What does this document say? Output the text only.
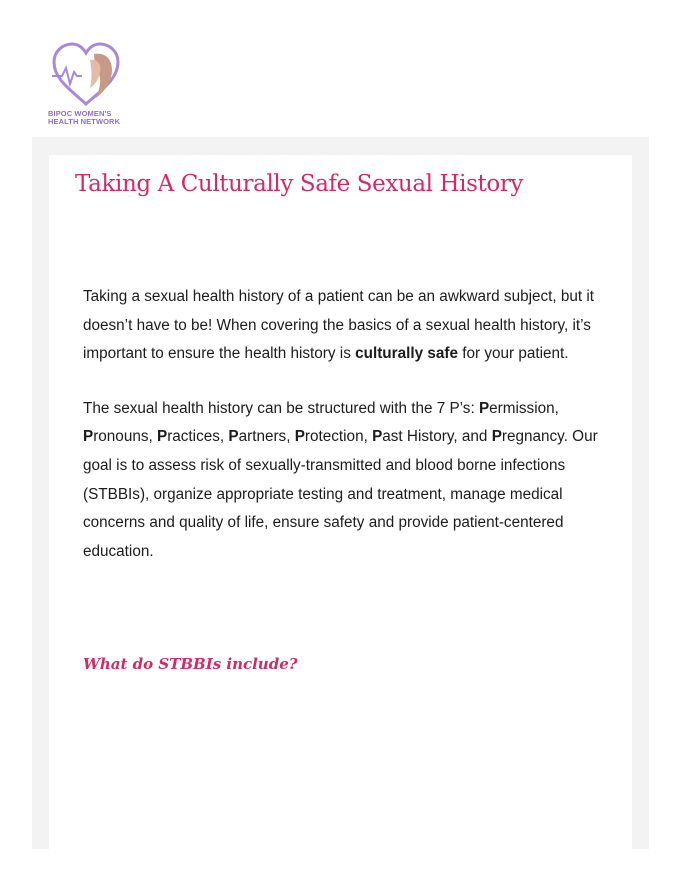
BIPOC WOMEN'S
HEALTH NETWORK
Taking A Culturally Safe Sexual History

Taking a sexual health history of a patient can be an awkward subject, but it doesn’t have to be! When covering the basics of a sexual health history, it’s important to ensure the health history is culturally safe for your patient.

The sexual health history can be structured with the 7 P’s: Permission, Pronouns, Practices, Partners, Protection, Past History, and Pregnancy. Our goal is to assess risk of sexually-transmitted and blood borne infections (STBBIs), organize appropriate testing and treatment, manage medical concerns and quality of life, ensure safety and provide patient-centered education.

What do STBBIs include?
